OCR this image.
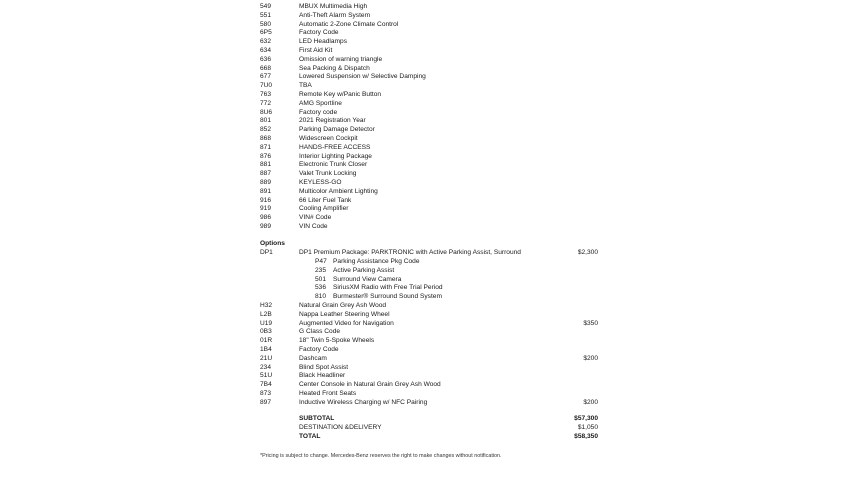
549	MBUX Multimedia High
551	Anti-Theft Alarm System
580	Automatic 2-Zone Climate Control
6P5	Factory Code
632	LED Headlamps
634	First Aid Kit
636	Omission of warning triangle
668	Sea Packing & Dispatch
677	Lowered Suspension w/ Selective Damping
7U0	TBA
763	Remote Key w/Panic Button
772	AMG Sportline
8U6	Factory code
801	2021 Registration Year
852	Parking Damage Detector
868	Widescreen Cockpit
871	HANDS-FREE ACCESS
876	Interior Lighting Package
881	Electronic Trunk Closer
887	Valet Trunk Locking
889	KEYLESS-GO
891	Multicolor Ambient Lighting
916	66 Liter Fuel Tank
919	Cooling Amplifier
986	VIN# Code
989	VIN Code
Options
DP1	DP1 Premium Package: PARKTRONIC with Active Parking Assist, Surround	$2,300
P47 Parking Assistance Pkg Code
235 Active Parking Assist
501 Surround View Camera
536 SiriusXM Radio with Free Trial Period
810 Burmester® Surround Sound System
H32	Natural Grain Grey Ash Wood
L2B	Nappa Leather Steering Wheel
U19	Augmented Video for Navigation	$350
0B3	G Class Code
01R	18" Twin 5-Spoke Wheels
1B4	Factory Code
21U	Dashcam	$200
234	Blind Spot Assist
51U	Black Headliner
7B4	Center Console in Natural Grain Grey Ash Wood
873	Heated Front Seats
897	Inductive Wireless Charging w/ NFC Pairing	$200
SUBTOTAL	$57,300
DESTINATION &DELIVERY	$1,050
TOTAL	$58,350
*Pricing is subject to change. Mercedes-Benz reserves the right to make changes without notification.
